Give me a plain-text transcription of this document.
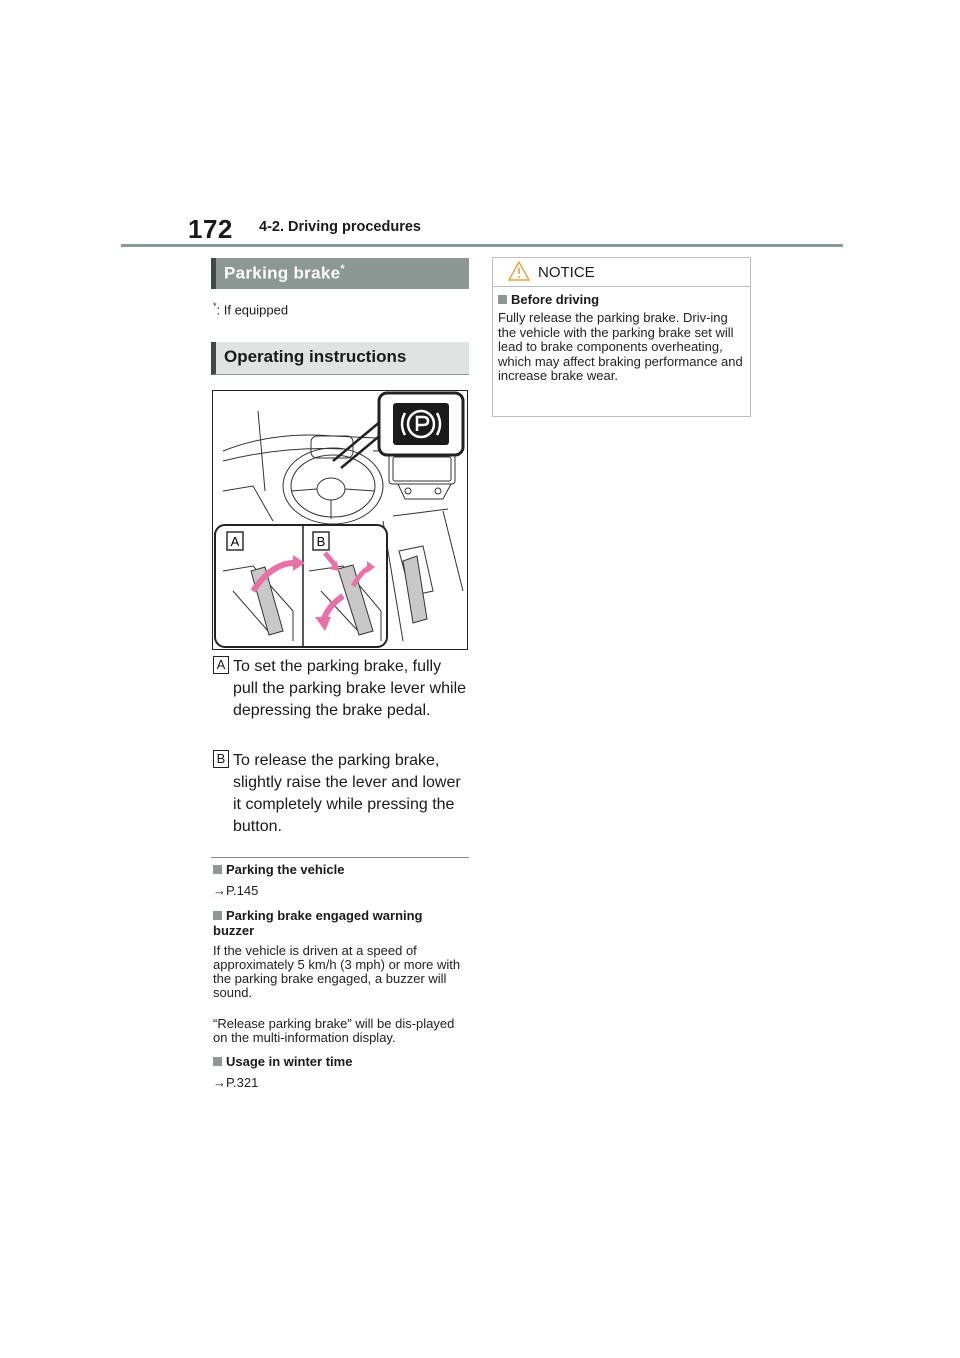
172 4-2. Driving procedures
Parking brake*
*: If equipped
Operating instructions
A	B
A To set the parking brake, fully pull the parking brake lever while depressing the brake pedal.
B To release the parking brake, slightly raise the lever and lower it completely while pressing the button.
Parking the vehicle
→P.145
Parking brake engaged warning buzzer
If the vehicle is driven at a speed of approximately 5 km/h (3 mph) or more with the parking brake engaged, a buzzer will sound.
“Release parking brake” will be dis-played on the multi-information display.
Usage in winter time
→P.321
NOTICE
Before driving
Fully release the parking brake. Driv-ing the vehicle with the parking brake set will lead to brake components overheating, which may affect braking performance and increase brake wear.
